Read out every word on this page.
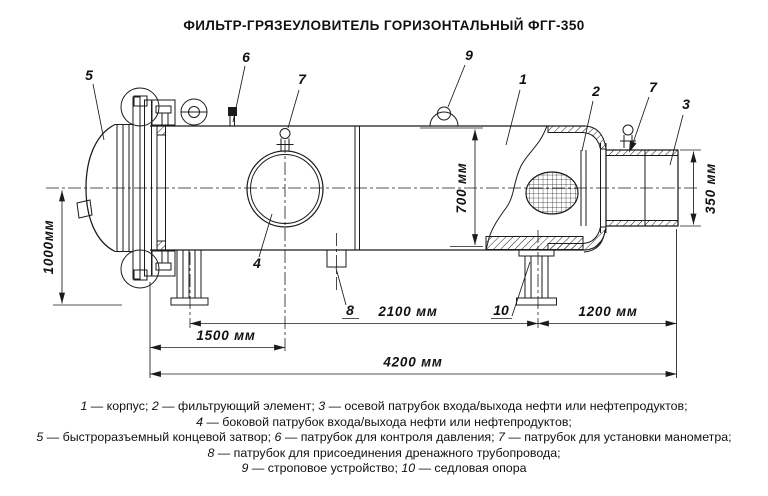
ФИЛЬТР-ГРЯЗЕУЛОВИТЕЛЬ ГОРИЗОНТАЛЬНЫЙ ФГГ-350
1000мм
700 мм	350 мм
2100 мм	1200 мм
1500 мм
4200 мм
5
6
7
9
1
2	7
3
4
8	10
1 — корпус; 2 — фильтрующий элемент; 3 — осевой патрубок входа/выхода нефти или нефтепродуктов;
4 — боковой патрубок входа/выхода нефти или нефтепродуктов;
5 — быстроразъемный концевой затвор; 6 — патрубок для контроля давления; 7 — патрубок для установки манометра;
8 — патрубок для присоединения дренажного трубопровода;
9 — строповое устройство; 10 — седловая опора
